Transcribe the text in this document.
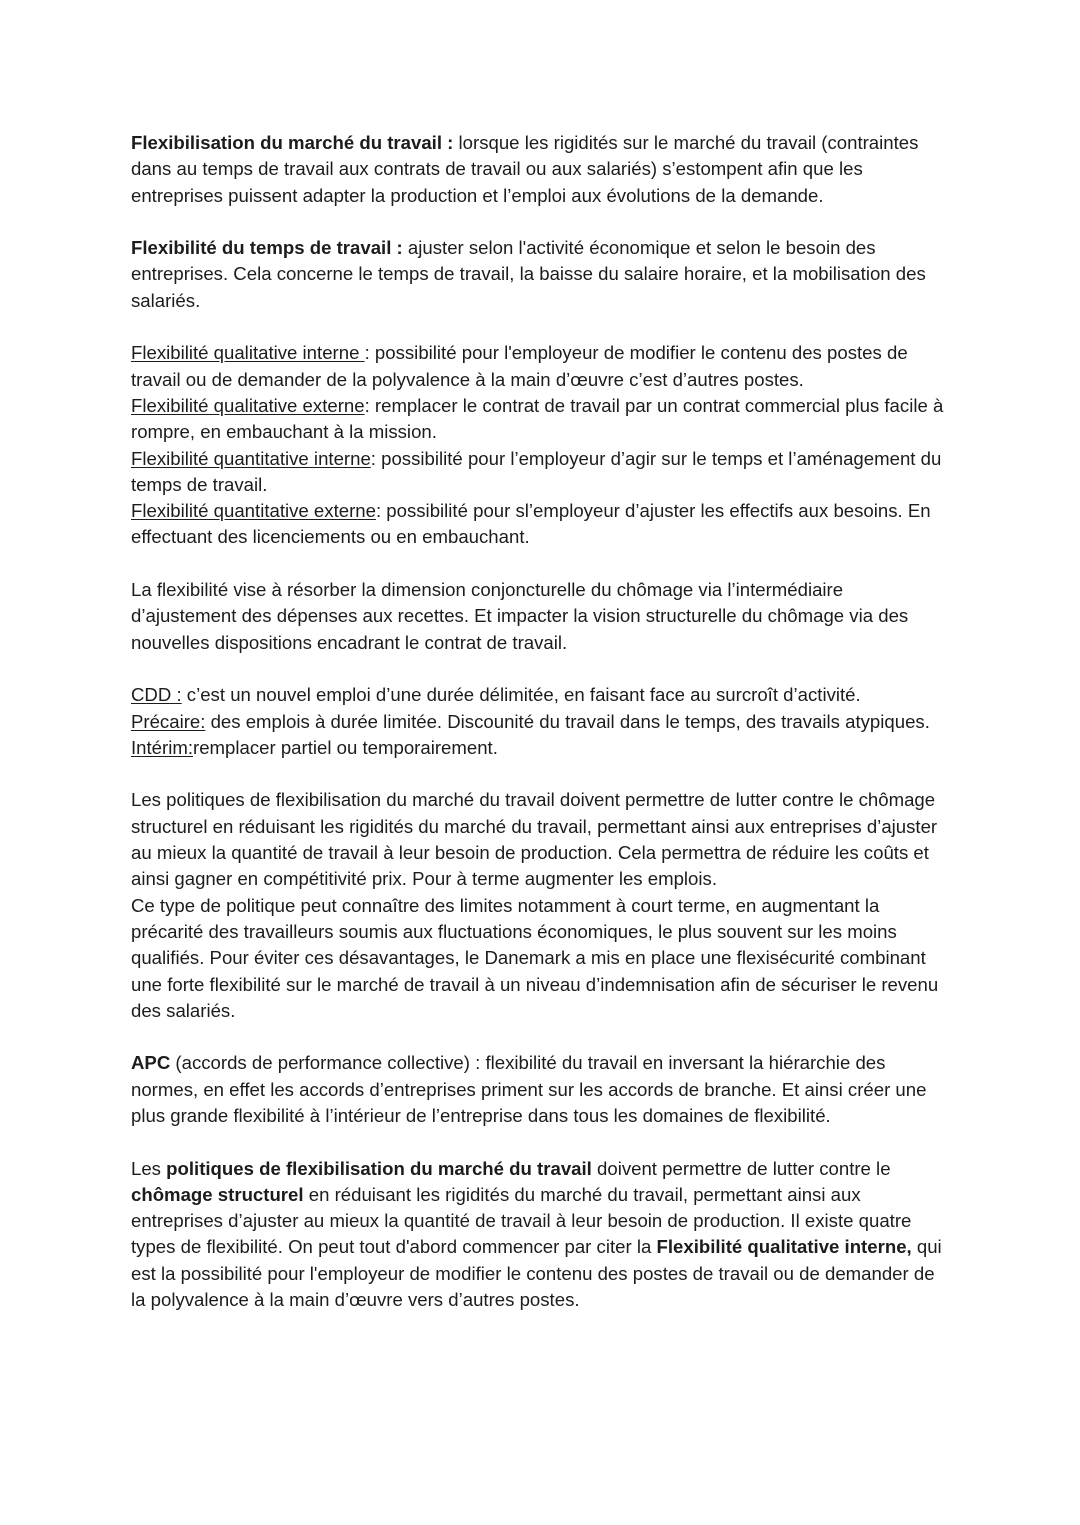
Flexibilisation du marché du travail : lorsque les rigidités sur le marché du travail (contraintes dans au temps de travail aux contrats de travail ou aux salariés) s’estompent afin que les entreprises puissent adapter la production et l’emploi aux évolutions de la demande.

Flexibilité du temps de travail : ajuster selon l'activité économique et selon le besoin des entreprises. Cela concerne le temps de travail, la baisse du salaire horaire, et la mobilisation des salariés.

Flexibilité qualitative interne : possibilité pour l'employeur de modifier le contenu des postes de travail ou de demander de la polyvalence à la main d’œuvre c’est d’autres postes.

Flexibilité qualitative externe: remplacer le contrat de travail par un contrat commercial plus facile à rompre, en embauchant à la mission.

Flexibilité quantitative interne: possibilité pour l’employeur d’agir sur le temps et l’aménagement du temps de travail.

Flexibilité quantitative externe: possibilité pour sl’employeur d’ajuster les effectifs aux besoins. En effectuant des licenciements ou en embauchant.

La flexibilité vise à résorber la dimension conjoncturelle du chômage via l’intermédiaire d’ajustement des dépenses aux recettes. Et impacter la vision structurelle du chômage via des nouvelles dispositions encadrant le contrat de travail.

CDD : c’est un nouvel emploi d’une durée délimitée, en faisant face au surcroît d’activité.

Précaire: des emplois à durée limitée. Discounité du travail dans le temps, des travails atypiques.

Intérim:remplacer partiel ou temporairement.

Les politiques de flexibilisation du marché du travail doivent permettre de lutter contre le chômage structurel en réduisant les rigidités du marché du travail, permettant ainsi aux entreprises d’ajuster au mieux la quantité de travail à leur besoin de production. Cela permettra de réduire les coûts et ainsi gagner en compétitivité prix. Pour à terme augmenter les emplois.

Ce type de politique peut connaître des limites notamment à court terme, en augmentant la précarité des travailleurs soumis aux fluctuations économiques, le plus souvent sur les moins qualifiés. Pour éviter ces désavantages, le Danemark a mis en place une flexisécurité combinant une forte flexibilité sur le marché de travail à un niveau d’indemnisation afin de sécuriser le revenu des salariés.

APC (accords de performance collective) : flexibilité du travail en inversant la hiérarchie des normes, en effet les accords d’entreprises priment sur les accords de branche. Et ainsi créer une plus grande flexibilité à l’intérieur de l’entreprise dans tous les domaines de flexibilité.

Les politiques de flexibilisation du marché du travail doivent permettre de lutter contre le chômage structurel en réduisant les rigidités du marché du travail, permettant ainsi aux entreprises d’ajuster au mieux la quantité de travail à leur besoin de production. Il existe quatre types de flexibilité. On peut tout d'abord commencer par citer la Flexibilité qualitative interne, qui est la possibilité pour l'employeur de modifier le contenu des postes de travail ou de demander de la polyvalence à la main d’œuvre vers d’autres postes.
